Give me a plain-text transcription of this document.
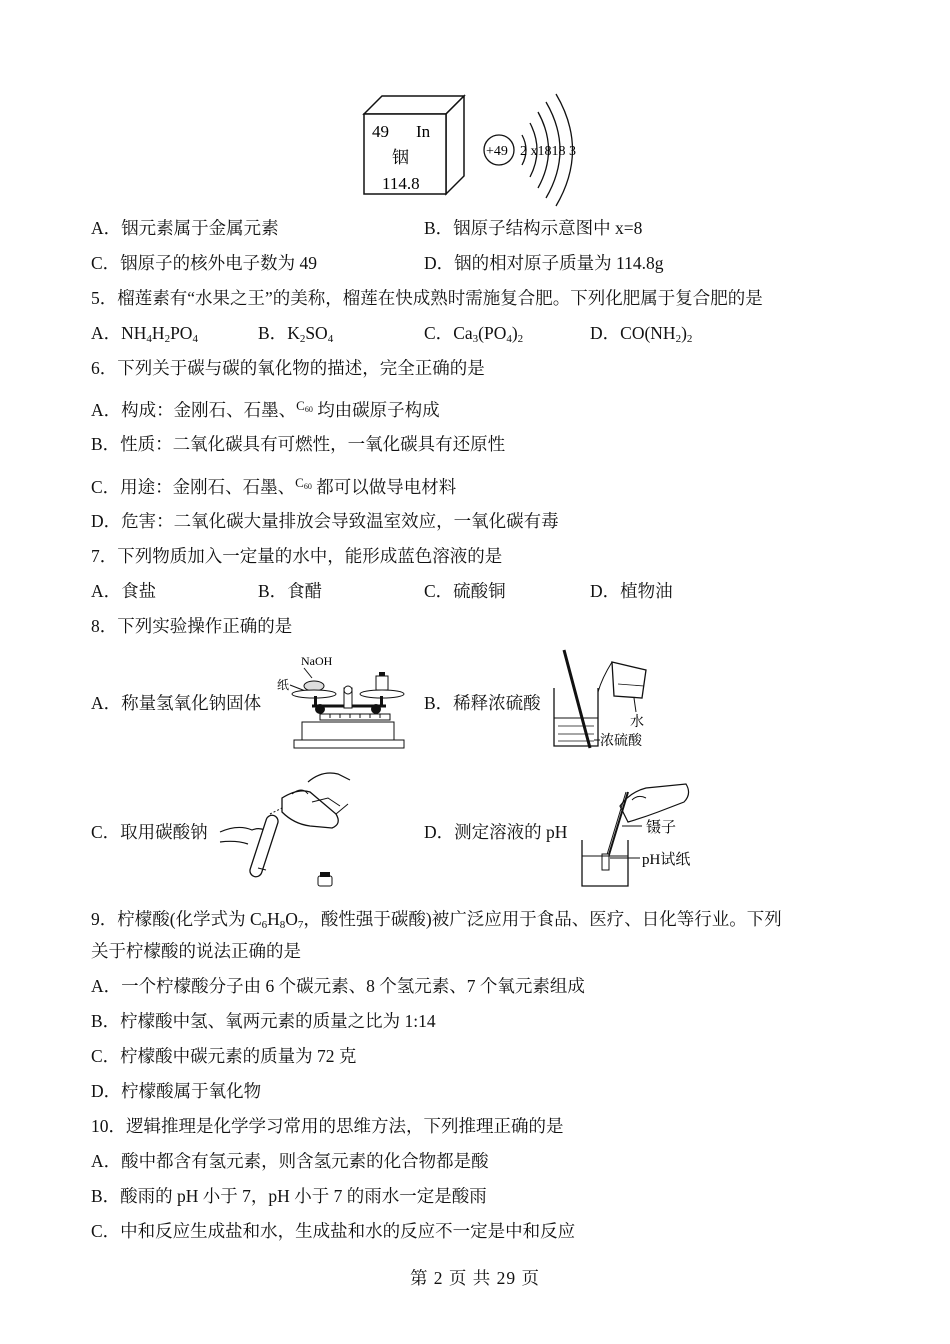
49 In
铟
114.8
+49 2 x1818 3
A．铟元素属于金属元素	B．铟原子结构示意图中 x=8
C．铟原子的核外电子数为 49	D．铟的相对原子质量为 114.8g
5．榴莲素有“水果之王”的美称，榴莲在快成熟时需施复合肥。下列化肥属于复合肥的是
A．$NH_4H_2PO_4$	B．$K_2SO_4$	C．$Ca_3(PO_4)_2$	D．$CO(NH_2)_2$
6．下列关于碳与碳的氧化物的描述，完全正确的是
A．构成：金刚石、石墨、$^{C_{60}}$ 均由碳原子构成
B．性质：二氧化碳具有可燃性，一氧化碳具有还原性
C．用途：金刚石、石墨、$^{C_{60}}$ 都可以做导电材料
D．危害：二氧化碳大量排放会导致温室效应，一氧化碳有毒
7．下列物质加入一定量的水中，能形成蓝色溶液的是
A．食盐	B．食醋	C．硫酸铜	D．植物油
8．下列实验操作正确的是
A．称量氢氧化钠固体
NaOH
纸
B．稀释浓硫酸
水
浓硫酸
C．取用碳酸钠	D．测定溶液的 pH	镊子
pH试纸
9．柠檬酸(化学式为 $C_6H_8O_7$，酸性强于碳酸)被广泛应用于食品、医疗、日化等行业。下列
关于柠檬酸的说法正确的是
A．一个柠檬酸分子由 6 个碳元素、8 个氢元素、7 个氧元素组成
B．柠檬酸中氢、氧两元素的质量之比为 1:14
C．柠檬酸中碳元素的质量为 72 克
D．柠檬酸属于氧化物
10．逻辑推理是化学学习常用的思维方法，下列推理正确的是
A．酸中都含有氢元素，则含氢元素的化合物都是酸
B．酸雨的 pH 小于 7，pH 小于 7 的雨水一定是酸雨
C．中和反应生成盐和水，生成盐和水的反应不一定是中和反应
第 2 页 共 29 页
